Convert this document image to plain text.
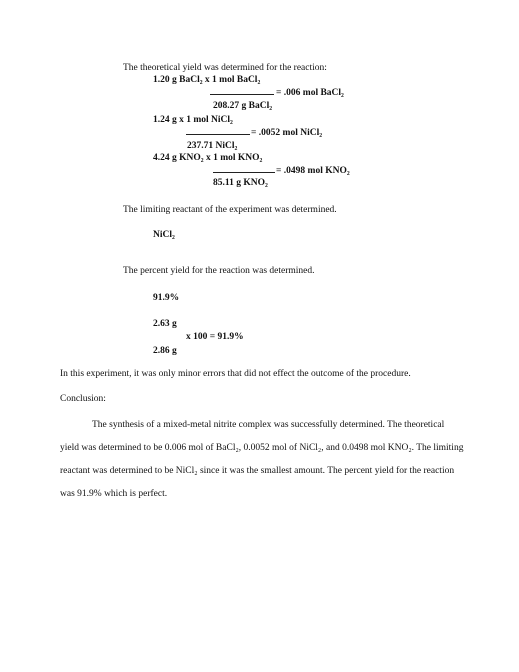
The theoretical yield was determined for the reaction:
1.20 g BaCl₂ x 1 mol BaCl₂
= .006 mol BaCl₂
208.27 g BaCl₂
1.24 g x 1 mol NiCl₂
= .0052 mol NiCl₂
237.71 NiCl₂
4.24 g KNO₂ x 1 mol KNO₂
= .0498 mol KNO₂
85.11 g KNO₂
The limiting reactant of the experiment was determined.
NiCl₂
The percent yield for the reaction was determined.
91.9%
2.63 g
x 100 = 91.9%
2.86 g
In this experiment, it was only minor errors that did not effect the outcome of the procedure.
Conclusion:
The synthesis of a mixed-metal nitrite complex was successfully determined. The theoretical yield was determined to be 0.006 mol of BaCl₂, 0.0052 mol of NiCl₂, and 0.0498 mol KNO₂. The limiting reactant was determined to be NiCl₂ since it was the smallest amount. The percent yield for the reaction was 91.9% which is perfect.
